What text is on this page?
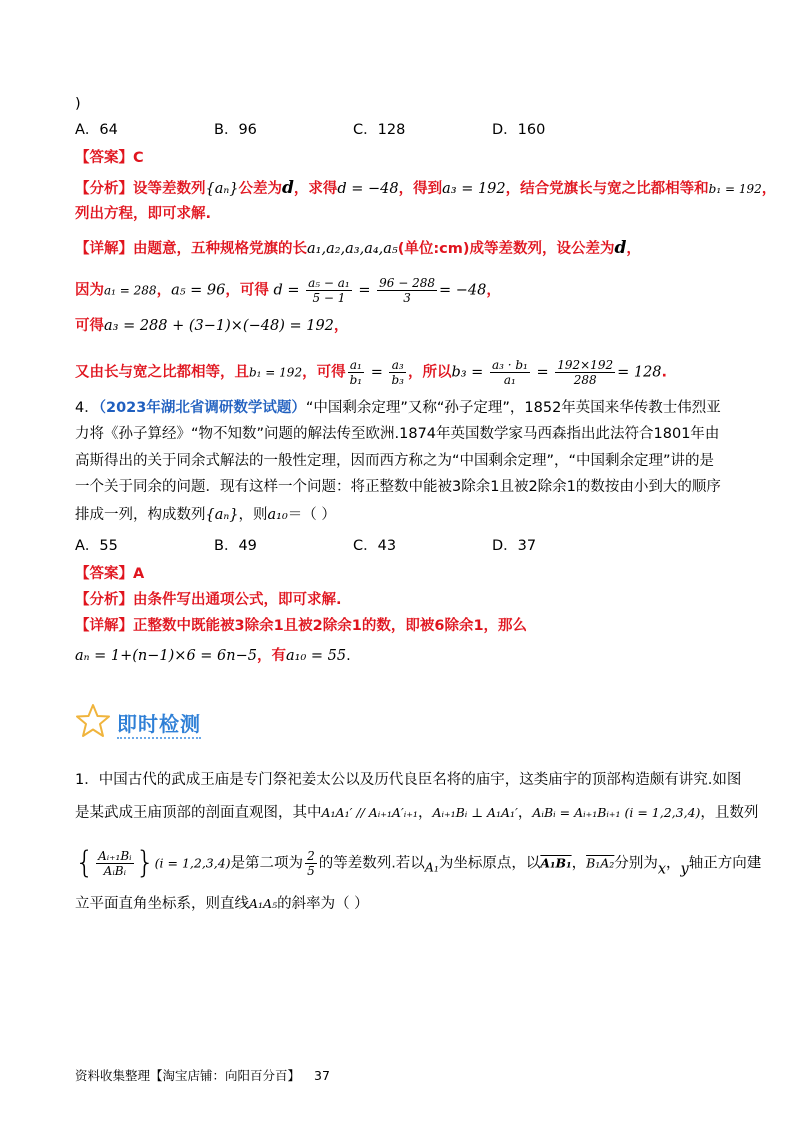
)
A．64	B．96	C．128	D．160
【答案】C
【分析】设等差数列{aₙ}公差为d，求得d = −48，得到a₃ = 192，结合党旗长与宽之比都相等和b₁ = 192，
列出方程，即可求解.
【详解】由题意，五种规格党旗的长a₁,a₂,a₃,a₄,a₅(单位:cm)成等差数列，设公差为d，
因为a₁ = 288，a₅ = 96，可得 $d = \frac{\text{a₅ − a₁}}{5 - 1} = \frac{96 - 288}{3} = -48$，
可得a₃ = 288 + (3−1)×(−48) = 192，
又由长与宽之比都相等，且b₁ = 192，可得 $\frac{\text{a₁}}{\text{b₁}} = \frac{\text{a₃}}{\text{b₃}}$ ，所以$b_3 = \frac{\text{a₃ · b₁}}{\text{a₁}} = \frac{192\times 192}{288} = 128$.
4．（2023年湖北省调研数学试题）“中国剩余定理”又称“孙子定理”，1852年英国来华传教士伟烈亚
力将《孙子算经》“物不知数”问题的解法传至欧洲.1874年英国数学家马西森指出此法符合1801年由
高斯得出的关于同余式解法的一般性定理，因而西方称之为“中国剩余定理”，“中国剩余定理”讲的是
一个关于同余的问题．现有这样一个问题：将正整数中能被3除余1且被2除余1的数按由小到大的顺序
排成一列，构成数列{aₙ}，则a₁₀＝（ ）
A．55	B．49	C．43	D．37
【答案】A
【分析】由条件写出通项公式，即可求解.
【详解】正整数中既能被3除余1且被2除余1的数，即被6除余1，那么
aₙ = 1+(n−1)×6 = 6n−5，有a₁₀ = 55.
即时检测
1．中国古代的武成王庙是专门祭祀姜太公以及历代良臣名将的庙宇，这类庙宇的顶部构造颇有讲究.如图
是某武成王庙顶部的剖面直观图，其中A₁A₁′ // Aᵢ₊₁A′ᵢ₊₁，Aᵢ₊₁Bᵢ ⊥ A₁A₁′，AᵢBᵢ = Aᵢ₊₁Bᵢ₊₁ (i = 1,2,3,4)，且数列
{ $\frac{\text{Aᵢ₊₁Bᵢ}}{\text{AᵢBᵢ}} \}(i = 1,2,3,4)$是第二项为 $\frac{2}{5}$ 的等差数列.若以A₁为坐标原点，以A₁B₁，B₁A₂分别为x，y轴正方向建
立平面直角坐标系，则直线A₁A₅的斜率为（ ）
资料收集整理【淘宝店铺：向阳百分百】 37
